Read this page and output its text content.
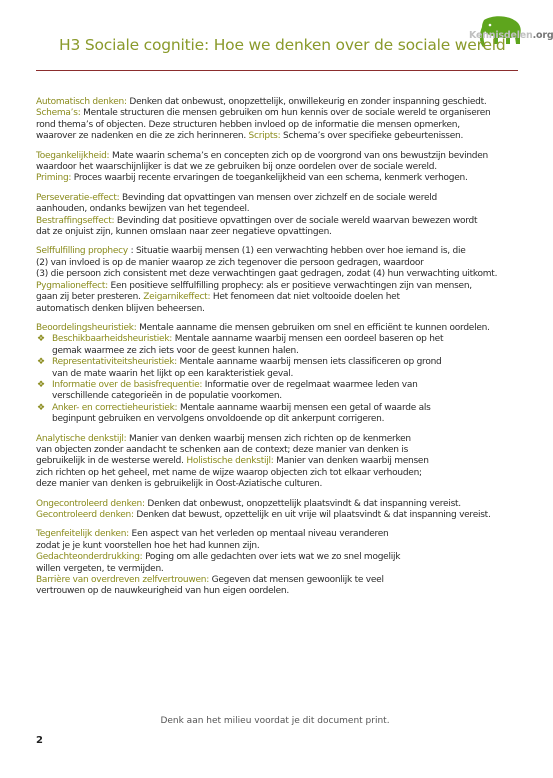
Kennisdelen.org
H3 Sociale cognitie: Hoe we denken over de sociale wereld
Automatisch denken: Denken dat onbewust, onopzettelijk, onwillekeurig en zonder inspanning geschiedt.
Schema’s: Mentale structuren die mensen gebruiken om hun kennis over de sociale wereld te organiseren
rond thema’s of objecten. Deze structuren hebben invloed op de informatie die mensen opmerken,
waarover ze nadenken en die ze zich herinneren. Scripts: Schema’s over specifieke gebeurtenissen.
Toegankelijkheid: Mate waarin schema’s en concepten zich op de voorgrond van ons bewustzijn bevinden
waardoor het waarschijnlijker is dat we ze gebruiken bij onze oordelen over de sociale wereld.
Priming: Proces waarbij recente ervaringen de toegankelijkheid van een schema, kenmerk verhogen.
Perseveratie-effect: Bevinding dat opvattingen van mensen over zichzelf en de sociale wereld
aanhouden, ondanks bewijzen van het tegendeel.
Bestraffingseffect: Bevinding dat positieve opvattingen over de sociale wereld waarvan bewezen wordt
dat ze onjuist zijn, kunnen omslaan naar zeer negatieve opvattingen.
Selffulfilling prophecy : Situatie waarbij mensen (1) een verwachting hebben over hoe iemand is, die
(2) van invloed is op de manier waarop ze zich tegenover die persoon gedragen, waardoor
(3) die persoon zich consistent met deze verwachtingen gaat gedragen, zodat (4) hun verwachting uitkomt.
Pygmalioneffect: Een positieve selffulfilling prophecy: als er positieve verwachtingen zijn van mensen,
gaan zij beter presteren. Zeigarnikeffect: Het fenomeen dat niet voltooide doelen het
automatisch denken blijven beheersen.
Beoordelingsheuristiek: Mentale aanname die mensen gebruiken om snel en efficiënt te kunnen oordelen.
❖ Beschikbaarheidsheuristiek: Mentale aanname waarbij mensen een oordeel baseren op het
gemak waarmee ze zich iets voor de geest kunnen halen.
❖ Representativiteitsheuristiek: Mentale aanname waarbij mensen iets classificeren op grond
van de mate waarin het lijkt op een karakteristiek geval.
❖ Informatie over de basisfrequentie: Informatie over de regelmaat waarmee leden van
verschillende categorieën in de populatie voorkomen.
❖ Anker- en correctieheuristiek: Mentale aanname waarbij mensen een getal of waarde als
beginpunt gebruiken en vervolgens onvoldoende op dit ankerpunt corrigeren.
Analytische denkstijl: Manier van denken waarbij mensen zich richten op de kenmerken
van objecten zonder aandacht te schenken aan de context; deze manier van denken is
gebruikelijk in de westerse wereld. Holistische denkstijl: Manier van denken waarbij mensen
zich richten op het geheel, met name de wijze waarop objecten zich tot elkaar verhouden;
deze manier van denken is gebruikelijk in Oost-Aziatische culturen.
Ongecontroleerd denken: Denken dat onbewust, onopzettelijk plaatsvindt & dat inspanning vereist.
Gecontroleerd denken: Denken dat bewust, opzettelijk en uit vrije wil plaatsvindt & dat inspanning vereist.
Tegenfeitelijk denken: Een aspect van het verleden op mentaal niveau veranderen
zodat je je kunt voorstellen hoe het had kunnen zijn.
Gedachteonderdrukking: Poging om alle gedachten over iets wat we zo snel mogelijk
willen vergeten, te vermijden.
Barrière van overdreven zelfvertrouwen: Gegeven dat mensen gewoonlijk te veel
vertrouwen op de nauwkeurigheid van hun eigen oordelen.
Denk aan het milieu voordat je dit document print.
2
